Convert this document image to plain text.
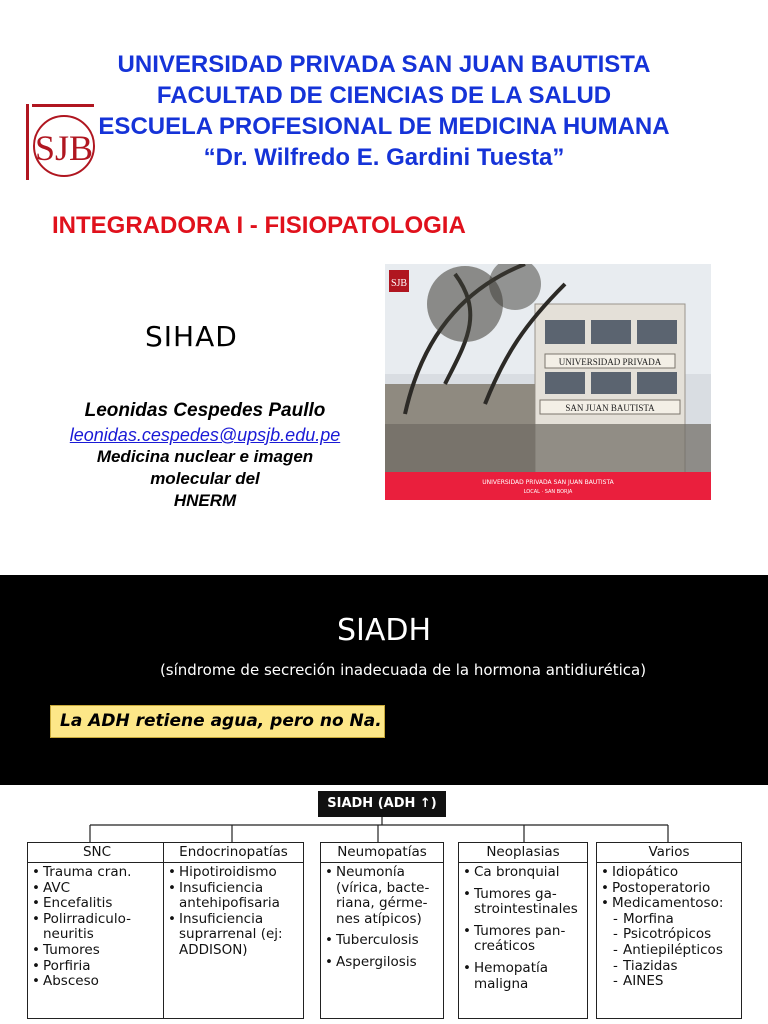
SJB
UNIVERSIDAD PRIVADA SAN JUAN BAUTISTA
FACULTAD DE CIENCIAS DE LA SALUD
ESCUELA PROFESIONAL DE MEDICINA HUMANA
“Dr. Wilfredo E. Gardini Tuesta”
INTEGRADORA I - FISIOPATOLOGIA
SIHAD
Leonidas Cespedes Paullo
leonidas.cespedes@upsjb.edu.pe
Medicina nuclear e imagen
molecular del
HNERM
UNIVERSIDAD PRIVADA
SAN JUAN BAUTISTA
UNIVERSIDAD PRIVADA SAN JUAN BAUTISTA
LOCAL · SAN BORJA
SJB
SIADH
(síndrome de secreción inadecuada de la hormona antidiurética)
La ADH retiene agua, pero no Na.
SIADH (ADH ↑)
SNC
• Trauma cran.
• AVC
• Encefalitis
• Polirradiculo-
neuritis
• Tumores
• Porfiria
• Absceso
Endocrinopatías
• Hipotiroidismo
• Insuficiencia
antehipofisaria
• Insuficiencia
suprarrenal (ej:
ADDISON)
Neumopatías
• Neumonía
(vírica, bacte-
riana, gérme-
nes atípicos)
• Tuberculosis
• Aspergilosis
Neoplasias
• Ca bronquial
• Tumores ga-
strointestinales
• Tumores pan-
creáticos
• Hemopatía
maligna
Varios
• Idiopático
• Postoperatorio
• Medicamentoso:
- Morfina
- Psicotrópicos
- Antiepilépticos
- Tiazidas
- AINES
